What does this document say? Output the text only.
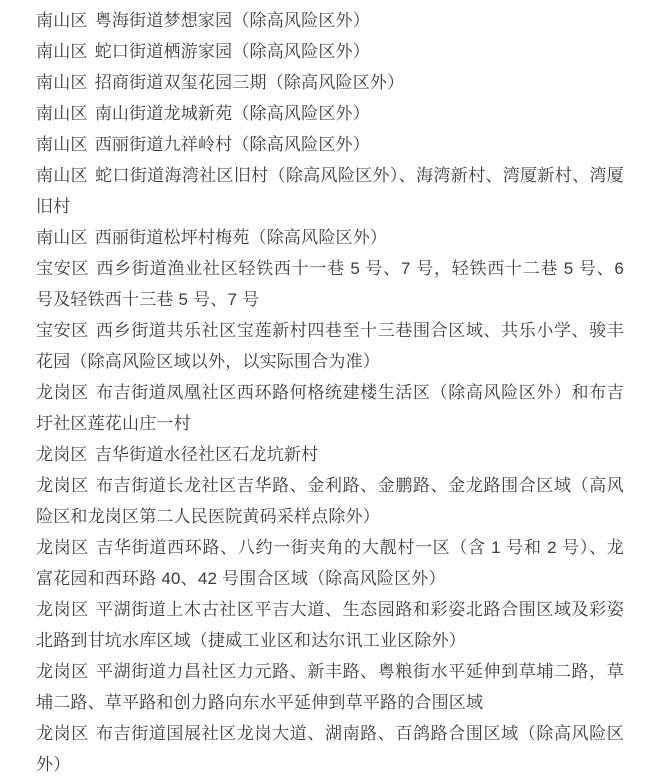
南山区 粤海街道梦想家园（除高风险区外）

南山区 蛇口街道栖游家园（除高风险区外）

南山区 招商街道双玺花园三期（除高风险区外）

南山区 南山街道龙城新苑（除高风险区外）

南山区 西丽街道九祥岭村（除高风险区外）

南山区 蛇口街道海湾社区旧村（除高风险区外）、海湾新村、湾厦新村、湾厦旧村

南山区 西丽街道松坪村梅苑（除高风险区外）

宝安区 西乡街道渔业社区轻铁西十一巷 5 号、7 号，轻铁西十二巷 5 号、6 号及轻铁西十三巷 5 号、7 号

宝安区 西乡街道共乐社区宝莲新村四巷至十三巷围合区域、共乐小学、骏丰花园（除高风险区域以外，以实际围合为准）

龙岗区 布吉街道凤凰社区西环路何格统建楼生活区（除高风险区外）和布吉圩社区莲花山庄一村

龙岗区 吉华街道水径社区石龙坑新村

龙岗区 布吉街道长龙社区吉华路、金利路、金鹏路、金龙路围合区域（高风险区和龙岗区第二人民医院黄码采样点除外）

龙岗区 吉华街道西环路、八约一街夹角的大靓村一区（含 1 号和 2 号）、龙富花园和西环路 40、42 号围合区域（除高风险区外）

龙岗区 平湖街道上木古社区平吉大道、生态园路和彩姿北路合围区域及彩姿北路到甘坑水库区域（捷威工业区和达尔讯工业区除外）

龙岗区 平湖街道力昌社区力元路、新丰路、粤粮街水平延伸到草埔二路，草埔二路、草平路和创力路向东水平延伸到草平路的合围区域

龙岗区 布吉街道国展社区龙岗大道、湖南路、百鸽路合围区域（除高风险区外）
